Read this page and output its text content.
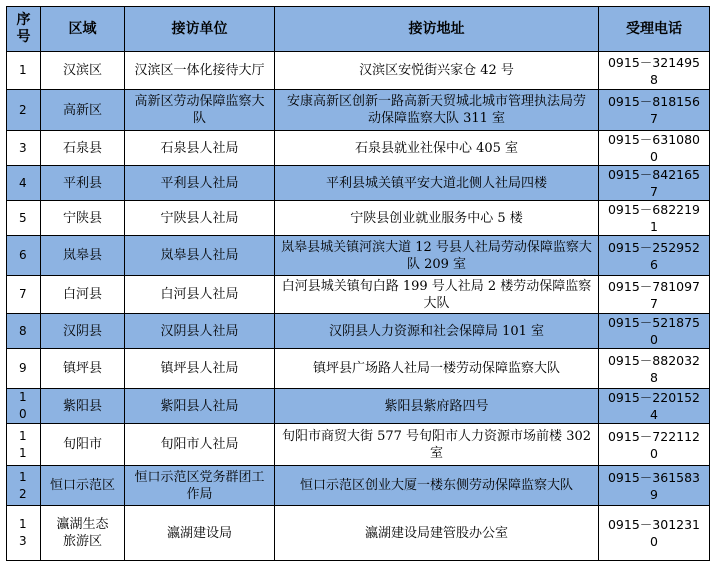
序号	区域	接访单位	接访地址	受理电话
1	汉滨区	汉滨区一体化接待大厅	汉滨区安悦街兴家仓 42 号	0915－3214958
2	高新区	高新区劳动保障监察大队	安康高新区创新一路高新天贸城北城市管理执法局劳动保障监察大队 311 室	0915－8181567
3	石泉县	石泉县人社局	石泉县就业社保中心 405 室	0915－6310800
4	平利县	平利县人社局	平利县城关镇平安大道北侧人社局四楼	0915－8421657
5	宁陕县	宁陕县人社局	宁陕县创业就业服务中心 5 楼	0915－6822191
6	岚皋县	岚皋县人社局	岚皋县城关镇河滨大道 12 号县人社局劳动保障监察大队 209 室	0915－2529526
7	白河县	白河县人社局	白河县城关镇旬白路 199 号人社局 2 楼劳动保障监察大队	0915－7810977
8	汉阴县	汉阴县人社局	汉阴县人力资源和社会保障局 101 室	0915－5218750
9	镇坪县	镇坪县人社局	镇坪县广场路人社局一楼劳动保障监察大队	0915－8820328
10	紫阳县	紫阳县人社局	紫阳县紫府路四号	0915－2201524
11	旬阳市	旬阳市人社局	旬阳市商贸大街 577 号旬阳市人力资源市场前楼 302 室	0915－7221120
12	恒口示范区	恒口示范区党务群团工作局	恒口示范区创业大厦一楼东侧劳动保障监察大队	0915－3615839
13	瀛湖生态旅游区	瀛湖建设局	瀛湖建设局建管股办公室	0915－3012310
